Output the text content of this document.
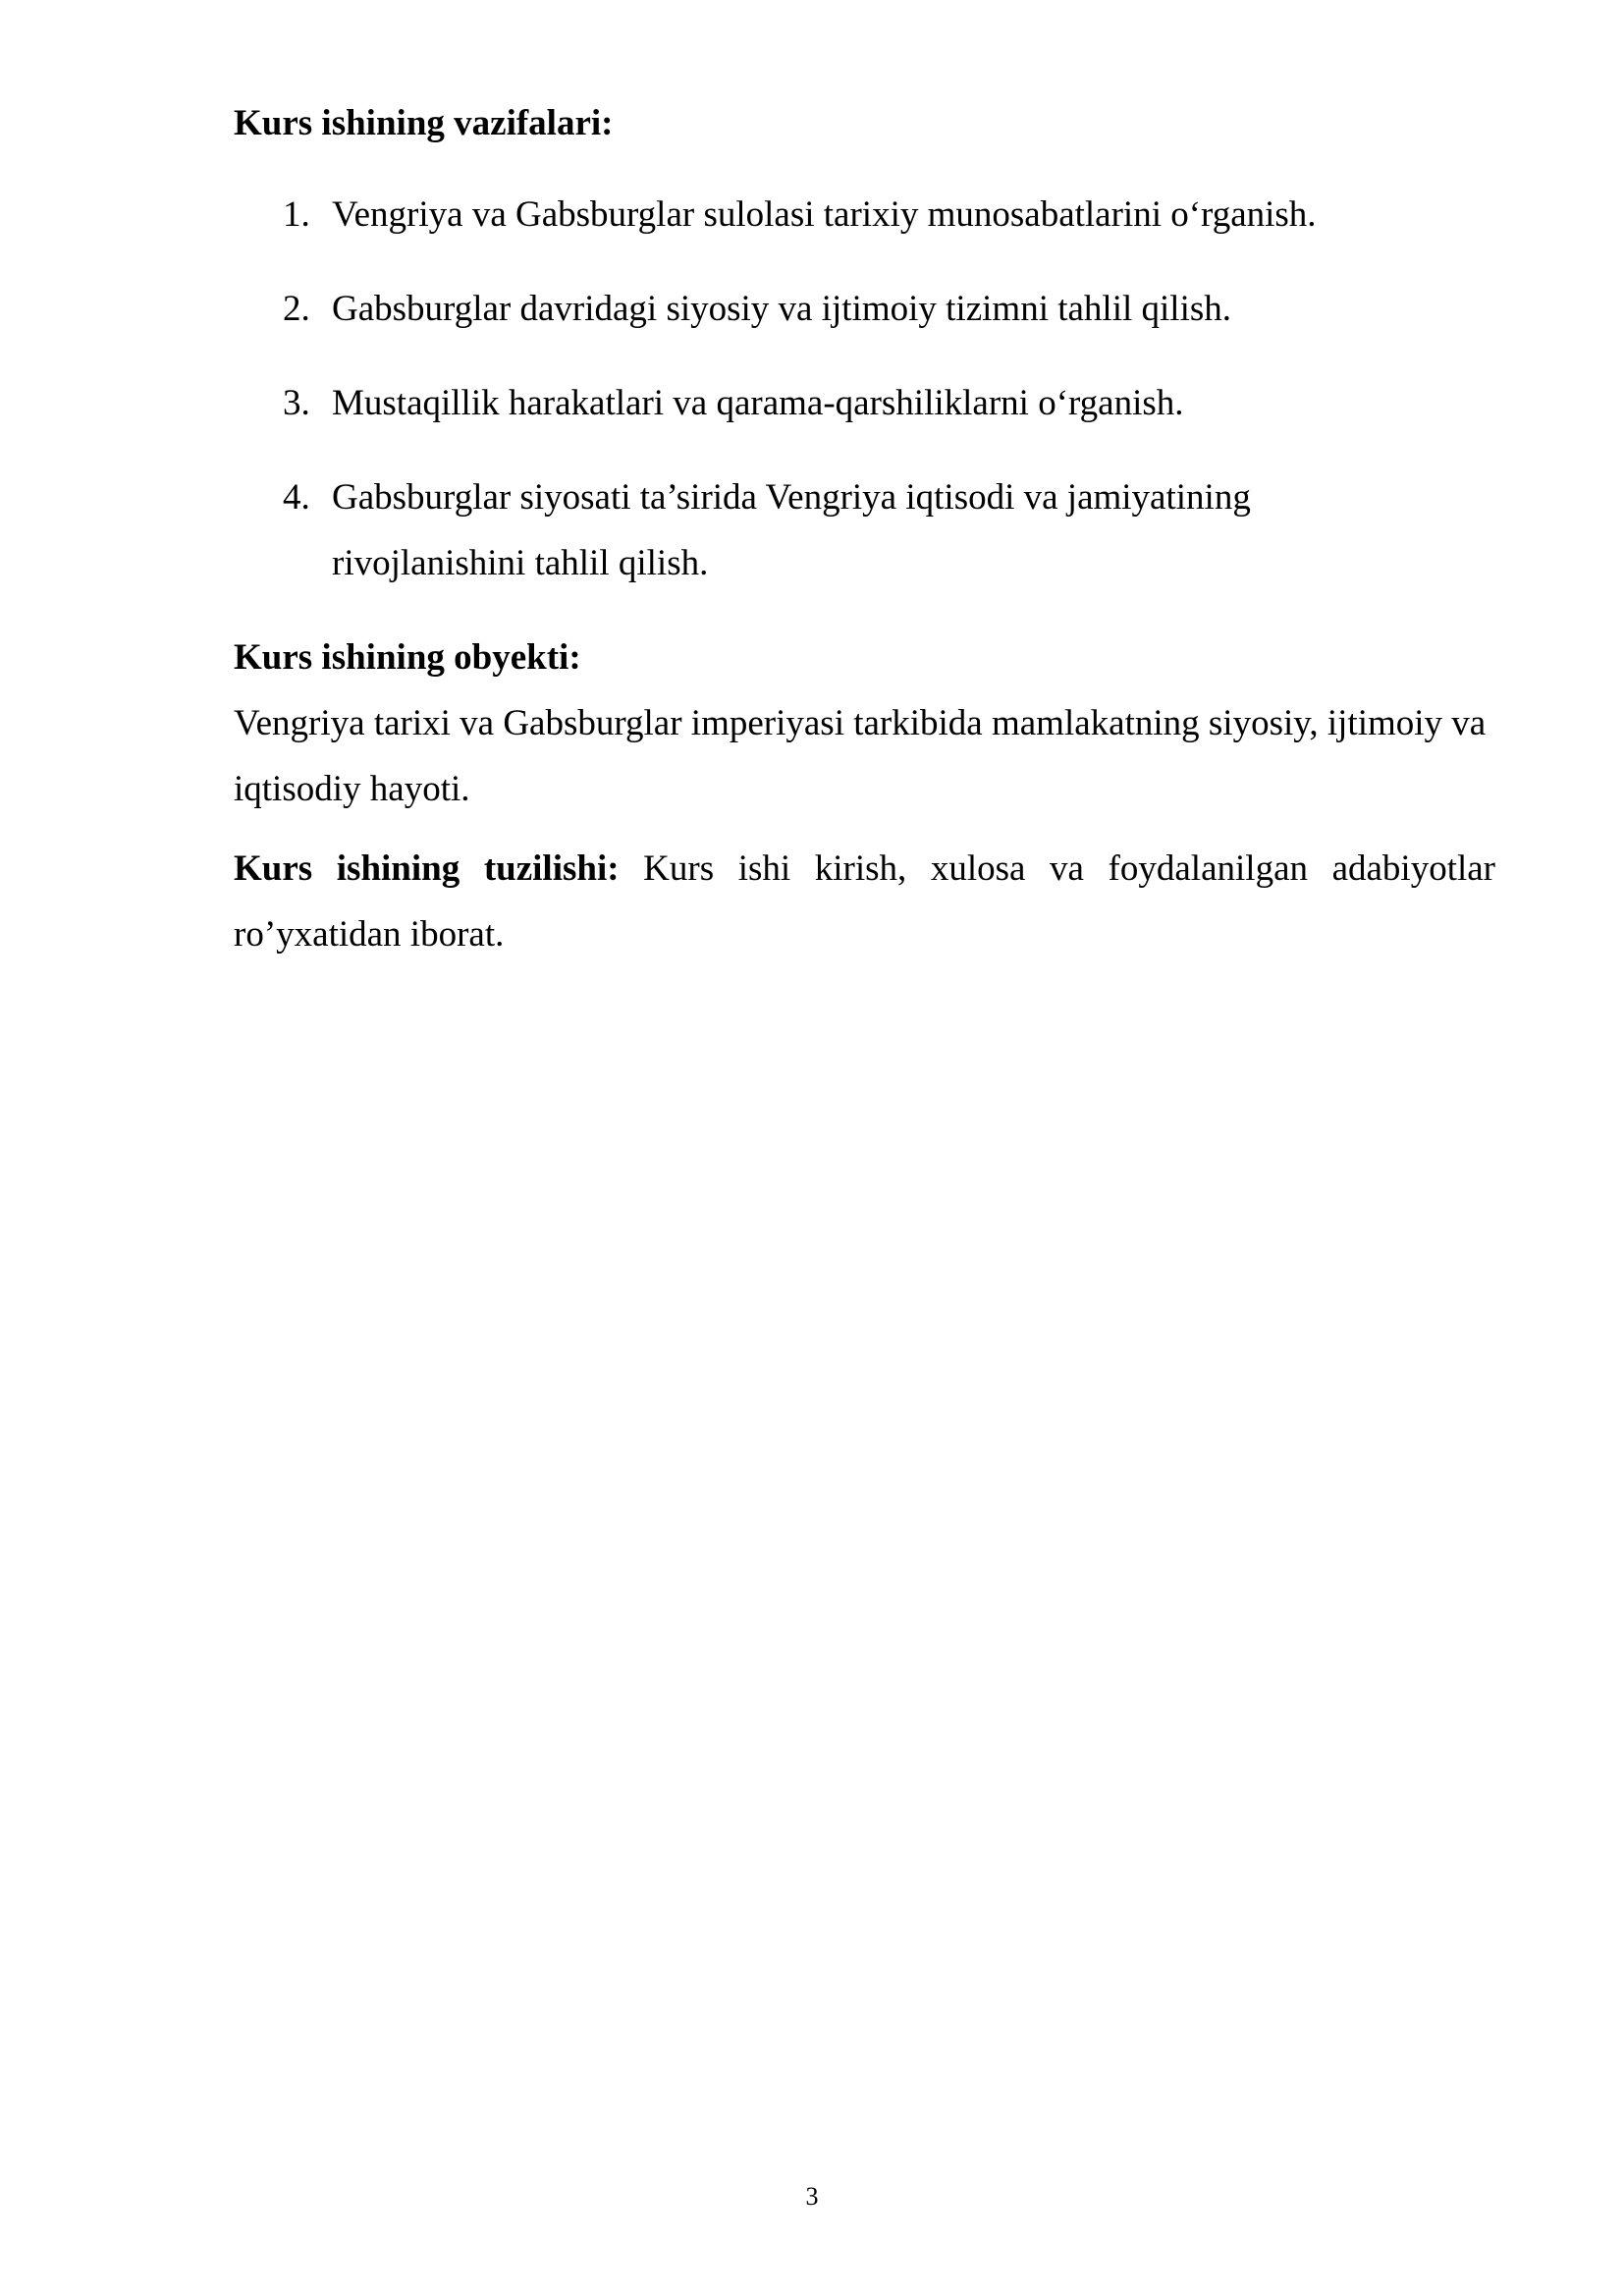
Kurs ishining vazifalari:

1. Vengriya va Gabsburglar sulolasi tarixiy munosabatlarini o‘rganish.
2. Gabsburglar davridagi siyosiy va ijtimoiy tizimni tahlil qilish.
3. Mustaqillik harakatlari va qarama-qarshiliklarni o‘rganish.
4. Gabsburglar siyosati ta’sirida Vengriya iqtisodi va jamiyatining rivojlanishini tahlil qilish.

Kurs ishining obyekti:

Vengriya tarixi va Gabsburglar imperiyasi tarkibida mamlakatning siyosiy, ijtimoiy va iqtisodiy hayoti.

Kurs ishining tuzilishi: Kurs ishi kirish, xulosa va foydalanilgan adabiyotlar ro’yxatidan iborat.

3
